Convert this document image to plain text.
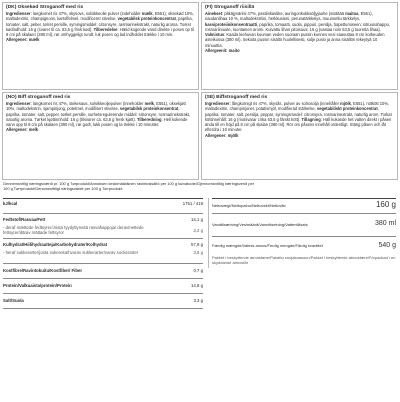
(DK) Oksekød Stroganoff med ris
Ingredienser: langkornet ris 47%, skysovs, solsikkeolie pulver (indeholder mælk, E551), oksekød 10%, maltodextrin, champignons, kartoffelmel, modificeret stivelse, vegetabilsk proteinkoncentrat, paprika, tomater, salt, peber, tørret persille, symingsmiddel: citronsyre, røsmarinekstrakt, naturlig aroma. Tørret kødindhold: 16 g (svarer til ca. 63,5 g frisk kød). Tilberedelse: Hæld kogende vand direkte i posen op til 8 cm på skalaen (380 ml), rør omhyggeligt rundt, luk posen og lad indholdet trække i 10 min.
Allergener: mælk
(FI) Stroganoff riisillä
Ainekset: pitkäjyväriisi 47%, pastiinkastike, auringonkukkaöljyjauhe (sisältää maitoa, E551), naudanlihaa 10 %, maltodekstriini, herkkusieni, perunatärkkelys, muunneltu tärkkelys, kasviproteiinikonsentraatti, paprika, tomaatti, suola, pippuri, persilja, hapettumiseen: sitruunahappo, rosmariiniuute, luontainen aromi. Kuivattu lihan pitoisuus: 16 g (vastaa noin 63,5 g tuoretta lihaa). Valmistus: Kaada kiehuvan kuuman veden suoraan pussin kunnes vesi saavuttaa 8 cm korkeuden asteikossa (380 ml). Sekoita pussin sisältö huolellisesti, sulje pussi ja anna sisällön tekeytyä 10 minuuttia.
Allergeenit: maito
(NO) Biff stroganoff med ris
Ingredienser: langkornet ris 47%, stekesaus, solsikkeoljepulver (inneholder melk, E551), oksekjøtt 10%, maltodekstrin, sjampinjong, potetmel, modifisert stivelse, vegetabilsk proteinkonsentrat, paprika, tomater, salt, pepper, tørket persille, surhetsregulerende middel: sitronsyre, rosmarinekstrakt, naturlig aroma. Tørket kjøttinnhold: 16 g (tilsvarer ca. 63,5 g fersk kjøtt). Tilberedning: Hell kokende vann opp til 8 cm på skalaen (380 ml), rør godt, lukk posen og la trekke i 10 minutter.
Allergener: melk
(SE) Biffstroganoff med ris
Ingredienser: långkornigt ris 47%, skysås, pulver av solrosolja (innehåller mjölk, E551), nötkött 10%, maltodextrin, champinjoner, potatismjöl, modifierad stärkelse, vegetabiliskt proteinkoncentrat, paprika, tomater, salt, persilja, peppar, syrningsmedel: citronsyra, rosmarinextrakt, naturlig arom. Torkat köttinnehåll: 16 g (motsvarar cirka 63,5 g färskt kött). Tillagning: Häll kokande het vatten direkt i påsen ända till en höjd på 8 cm på skalan (380 ml). Rör om påsens innehåll ordentligt. Stäng påsen och låt efterdra i 10 minuter.
Allergener: mjölk
Gennemsnitlig næringsværdi pr. 100 g Tørprodukt/Annoksen keskimääräinen ravintosisältö per 100 g kuivatuote/Gjennomsnittlig næringsverdi per
100 g Tørrprodukt/Genomsnittligt näringsvärde per 100 g Torrprodukt:
kJ/kcal	1751 / 419
Fedtstof/Rasvaa/Fett	14,1 g
- deraf mættede fedtsyrer/Josta tyydyttyneitä rasvahappoja/ deravmettede fettsyrer/därav mättade fettsyror	2,2 g
Kulhydrat/Hiilihydraatteja/Karbohydrater/Kolhydrat	57,9 g
- heraf sukkerarter/josta sokereita/hvorav sukkerarter/varav sockerarter	3,6 g
Kostfibre/Ravintokuitu/Kostfiber/ Fiber	0,7 g
Protein/Valkuaista/protein/Protein	14,8 g
Salt/Suola	3,3 g
Nettovægt/Nettopaino/Nettovekt/Nettovikt	160 g
Vandtilsætning/Vesimäärä/Vanntilsetning/Vattentillsats	380 ml
Færdig mængde/Valmis annos/Ferdig mengde/Färdig kvantitet	540 g
Pakket i beskyttende atmosfære/Pakattu suojakaasuun/Pakket i beskyttende atmosfære/Förpackad i en skyddande atmosfär
